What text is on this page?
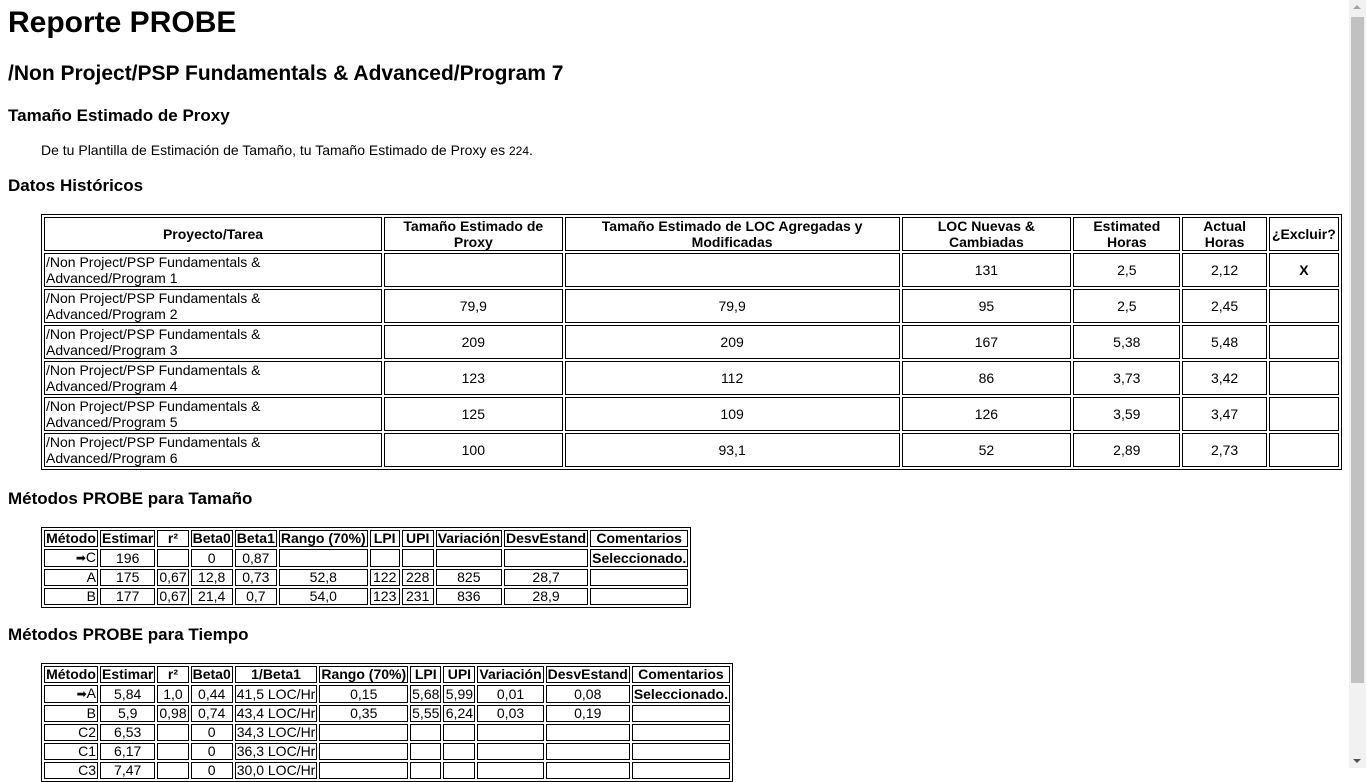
Reporte PROBE
/Non Project/PSP Fundamentals & Advanced/Program 7
Tamaño Estimado de Proxy
De tu Plantilla de Estimación de Tamaño, tu Tamaño Estimado de Proxy es 224.
Datos Históricos
Proyecto/Tarea	Tamaño Estimado de Proxy	Tamaño Estimado de LOC Agregadas y Modificadas	LOC Nuevas & Cambiadas	Estimated Horas	Actual Horas	¿Excluir?
/Non Project/PSP Fundamentals & Advanced/Program 1			131	2,5	2,12	X
/Non Project/PSP Fundamentals & Advanced/Program 2	79,9	79,9	95	2,5	2,45	
/Non Project/PSP Fundamentals & Advanced/Program 3	209	209	167	5,38	5,48	
/Non Project/PSP Fundamentals & Advanced/Program 4	123	112	86	3,73	3,42	
/Non Project/PSP Fundamentals & Advanced/Program 5	125	109	126	3,59	3,47	
/Non Project/PSP Fundamentals & Advanced/Program 6	100	93,1	52	2,89	2,73	
Métodos PROBE para Tamaño
Método	Estimar	r²	Beta0	Beta1	Rango (70%)	LPI	UPI	Variación	DesvEstand	Comentarios
➡C	196		0	0,87						Seleccionado.
A	175	0,67	12,8	0,73	52,8	122	228	825	28,7	
B	177	0,67	21,4	0,7	54,0	123	231	836	28,9	
Métodos PROBE para Tiempo
Método	Estimar	r²	Beta0	1/Beta1	Rango (70%)	LPI	UPI	Variación	DesvEstand	Comentarios
➡A	5,84	1,0	0,44	41,5 LOC/Hr	0,15	5,68	5,99	0,01	0,08	Seleccionado.
B	5,9	0,98	0,74	43,4 LOC/Hr	0,35	5,55	6,24	0,03	0,19	
C2	6,53		0	34,3 LOC/Hr						
C1	6,17		0	36,3 LOC/Hr						
C3	7,47		0	30,0 LOC/Hr						
